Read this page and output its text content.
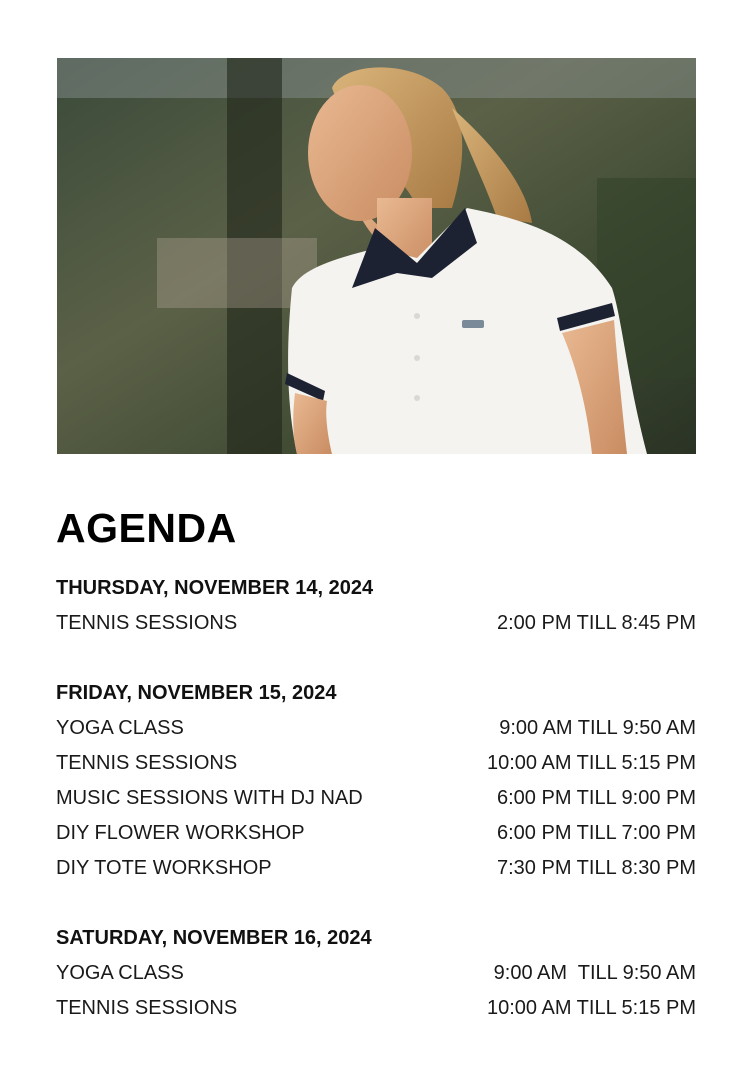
AGENDA
THURSDAY, NOVEMBER 14, 2024
TENNIS SESSIONS	2:00 PM TILL 8:45 PM
FRIDAY, NOVEMBER 15, 2024
YOGA CLASS	9:00 AM TILL 9:50 AM
TENNIS SESSIONS	10:00 AM TILL 5:15 PM
MUSIC SESSIONS WITH DJ NAD	6:00 PM TILL 9:00 PM
DIY FLOWER WORKSHOP	6:00 PM TILL 7:00 PM
DIY TOTE WORKSHOP	7:30 PM TILL 8:30 PM
SATURDAY, NOVEMBER 16, 2024
YOGA CLASS	9:00 AM  TILL 9:50 AM
TENNIS SESSIONS	10:00 AM TILL 5:15 PM
